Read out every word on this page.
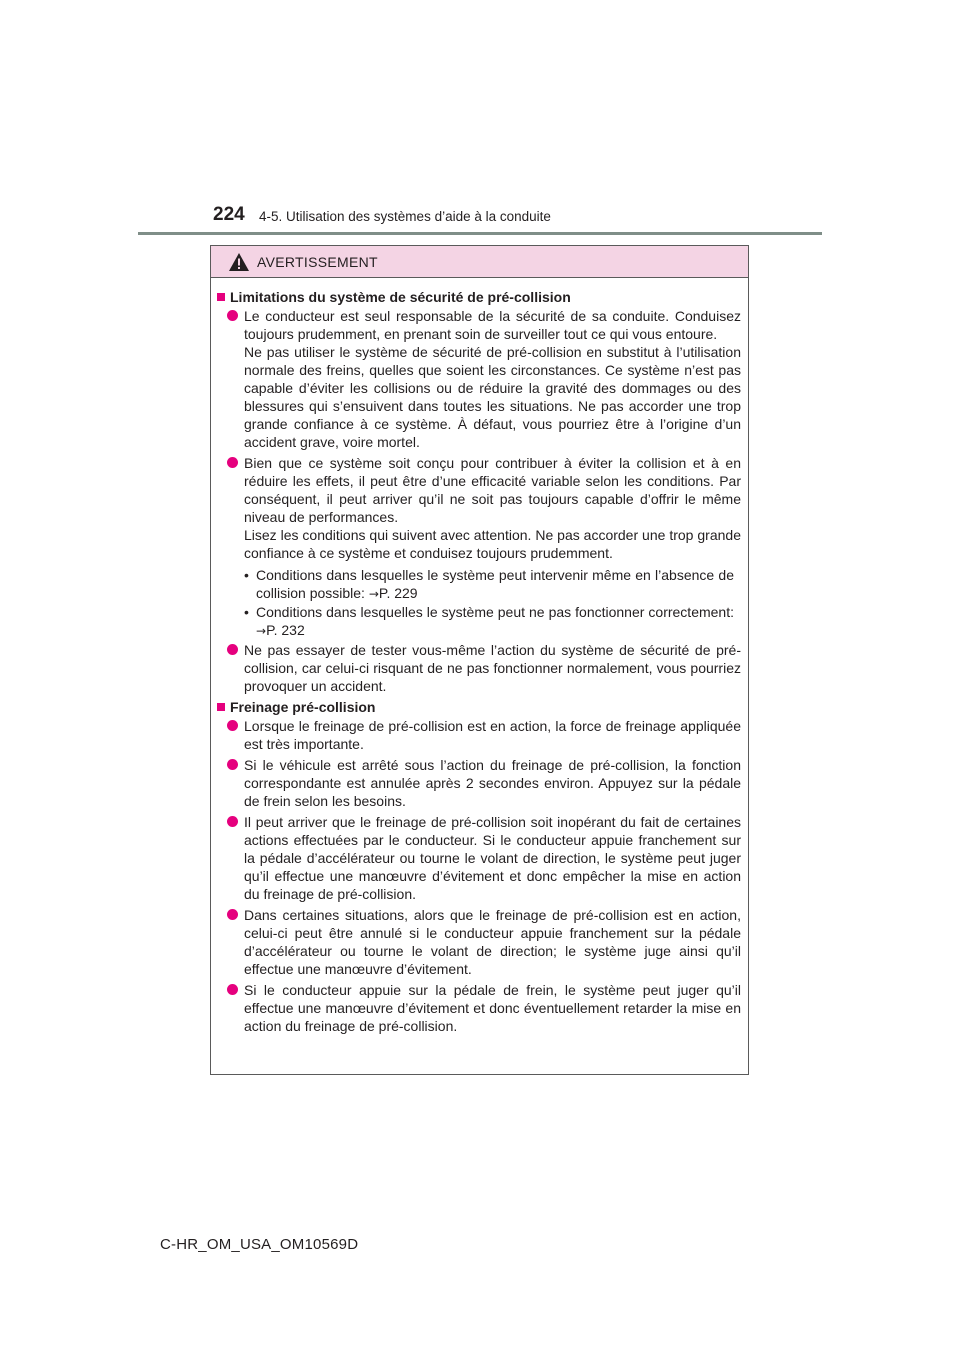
224 4-5. Utilisation des systèmes d’aide à la conduite
AVERTISSEMENT
Limitations du système de sécurité de pré-collision

Le conducteur est seul responsable de la sécurité de sa conduite. Conduisez toujours prudemment, en prenant soin de surveiller tout ce qui vous entoure.

Ne pas utiliser le système de sécurité de pré-collision en substitut à l’utilisation normale des freins, quelles que soient les circonstances. Ce système n’est pas capable d’éviter les collisions ou de réduire la gravité des dommages ou des blessures qui s’ensuivent dans toutes les situations. Ne pas accorder une trop grande confiance à ce système. À défaut, vous pourriez être à l’origine d’un accident grave, voire mortel.

Bien que ce système soit conçu pour contribuer à éviter la collision et à en réduire les effets, il peut être d’une efficacité variable selon les conditions. Par conséquent, il peut arriver qu’il ne soit pas toujours capable d’offrir le même niveau de performances.

Lisez les conditions qui suivent avec attention. Ne pas accorder une trop grande confiance à ce système et conduisez toujours prudemment.

• Conditions dans lesquelles le système peut intervenir même en l’absence de collision possible: →P. 229
• Conditions dans lesquelles le système peut ne pas fonctionner correctement: →P. 232

Ne pas essayer de tester vous-même l’action du système de sécurité de pré-collision, car celui-ci risquant de ne pas fonctionner normalement, vous pourriez provoquer un accident.

Freinage pré-collision

Lorsque le freinage de pré-collision est en action, la force de freinage appliquée est très importante.

Si le véhicule est arrêté sous l’action du freinage de pré-collision, la fonction correspondante est annulée après 2 secondes environ. Appuyez sur la pédale de frein selon les besoins.

Il peut arriver que le freinage de pré-collision soit inopérant du fait de certaines actions effectuées par le conducteur. Si le conducteur appuie franchement sur la pédale d’accélérateur ou tourne le volant de direction, le système peut juger qu’il effectue une manœuvre d’évitement et donc empêcher la mise en action du freinage de pré-collision.

Dans certaines situations, alors que le freinage de pré-collision est en action, celui-ci peut être annulé si le conducteur appuie franchement sur la pédale d’accélérateur ou tourne le volant de direction; le système juge ainsi qu’il effectue une manœuvre d’évitement.

Si le conducteur appuie sur la pédale de frein, le système peut juger qu’il effectue une manœuvre d’évitement et donc éventuellement retarder la mise en action du freinage de pré-collision.

C-HR_OM_USA_OM10569D
